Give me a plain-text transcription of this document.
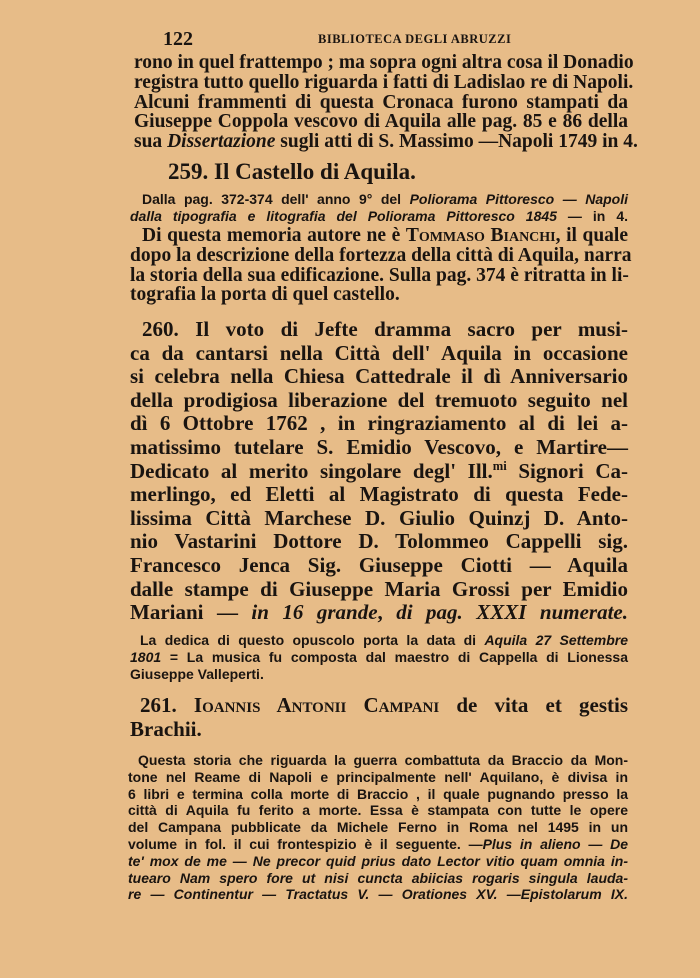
122	BIBLIOTECA DEGLI ABRUZZI
rono in quel frattempo ; ma sopra ogni altra cosa il Donadio
registra tutto quello riguarda i fatti di Ladislao re di Napoli.
Alcuni frammenti di questa Cronaca furono stampati da
Giuseppe Coppola vescovo di Aquila alle pag. 85 e 86 della
sua Dissertazione sugli atti di S. Massimo —Napoli 1749 in 4.
259. Il Castello di Aquila.
Dalla pag. 372-374 dell' anno 9° del Poliorama Pittoresco — Napoli
dalla tipografia e litografia del Poliorama Pittoresco 1845 — in 4.
Di questa memoria autore ne è Tommaso Bianchi, il quale
dopo la descrizione della fortezza della città di Aquila, narra
la storia della sua edificazione. Sulla pag. 374 è ritratta in li-
tografia la porta di quel castello.
260. Il voto di Jefte dramma sacro per musi-
ca da cantarsi nella Città dell' Aquila in occasione
si celebra nella Chiesa Cattedrale il dì Anniversario
della prodigiosa liberazione del tremuoto seguito nel
dì 6 Ottobre 1762 , in ringraziamento al di lei a-
matissimo tutelare S. Emidio Vescovo, e Martire—
Dedicato al merito singolare degl' Ill.$^{mi}$ Signori Ca-
merlingo, ed Eletti al Magistrato di questa Fede-
lissima Città Marchese D. Giulio Quinzj D. Anto-
nio Vastarini Dottore D. Tolommeo Cappelli sig.
Francesco Jenca Sig. Giuseppe Ciotti — Aquila
dalle stampe di Giuseppe Maria Grossi per Emidio
Mariani — in 16 grande, di pag. XXXI numerate.
La dedica di questo opuscolo porta la data di Aquila 27 Settembre
1801 = La musica fu composta dal maestro di Cappella di Lionessa
Giuseppe Valleperti.
261. Ioannis Antonii Campani de vita et gestis
Brachii.
Questa storia che riguarda la guerra combattuta da Braccio da Mon-
tone nel Reame di Napoli e principalmente nell' Aquilano, è divisa in
6 libri e termina colla morte di Braccio , il quale pugnando presso la
città di Aquila fu ferito a morte. Essa è stampata con tutte le opere
del Campana pubblicate da Michele Ferno in Roma nel 1495 in un
volume in fol. il cui frontespizio è il seguente. —Plus in alieno — De
te' mox de me — Ne precor quid prius dato Lector vitio quam omnia in-
tuearo Nam spero fore ut nisi cuncta abiicias rogaris singula lauda-
re — Continentur — Tractatus V. — Orationes XV. —Epistolarum IX.
